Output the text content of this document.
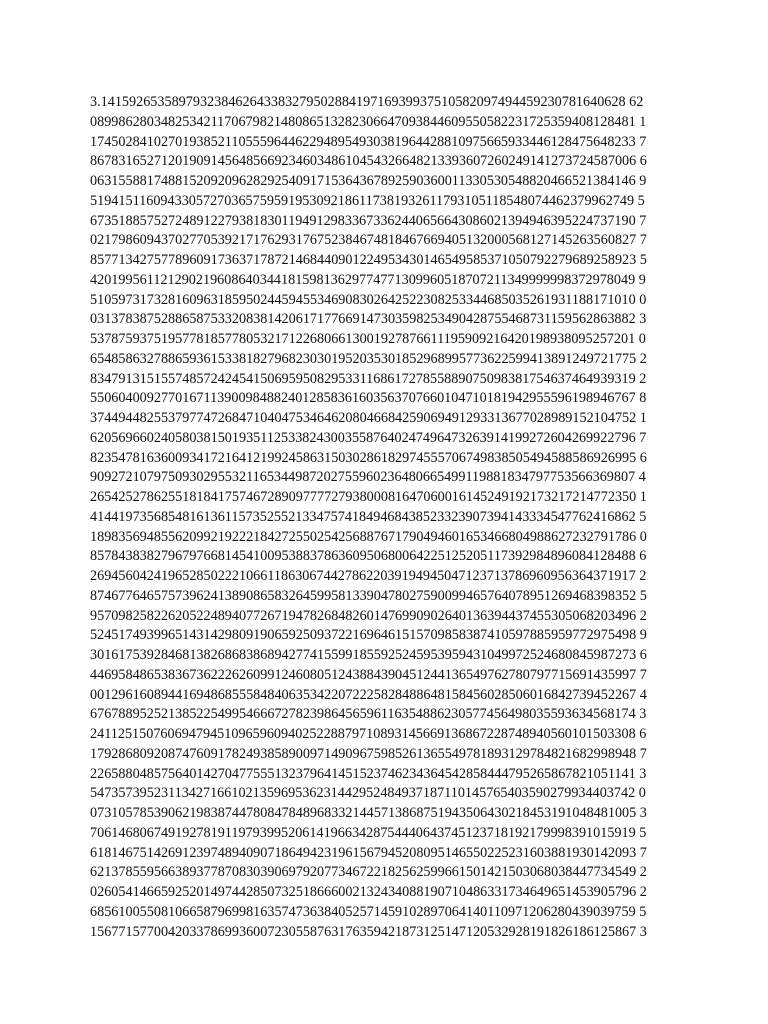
3.14159265358979323846264338327950288419716939937510582097494459230781640628 62
08998628034825342117067982148086513282306647093844609550582231725359408128481 1
17450284102701938521105559644622948954930381964428810975665933446128475648233 7
86783165271201909145648566923460348610454326648213393607260249141273724587006 6
06315588174881520920962829254091715364367892590360011330530548820466521384146 9
51941511609433057270365759591953092186117381932611793105118548074462379962749 5
67351885752724891227938183011949129833673362440656643086021394946395224737190 7
02179860943702770539217176293176752384674818467669405132000568127145263560827 7
85771342757789609173637178721468440901224953430146549585371050792279689258923 5
42019956112129021960864034418159813629774771309960518707211349999998372978049 9
51059731732816096318595024459455346908302642522308253344685035261931188171010 0
03137838752886587533208381420617177669147303598253490428755468731159562863882 3
53787593751957781857780532171226806613001927876611195909216420198938095257201 0
65485863278865936153381827968230301952035301852968995773622599413891249721775 2
83479131515574857242454150695950829533116861727855889075098381754637464939319 2
55060400927701671139009848824012858361603563707660104710181942955596198946767 8
37449448255379774726847104047534646208046684259069491293313677028989152104752 1
62056966024058038150193511253382430035587640247496473263914199272604269922796 7
82354781636009341721641219924586315030286182974555706749838505494588586926995 6
90927210797509302955321165344987202755960236480665499119881834797753566369807 4
26542527862551818417574672890977772793800081647060016145249192173217214772350 1
41441973568548161361157352552133475741849468438523323907394143334547762416862 5
18983569485562099219222184272550254256887671790494601653466804988627232791786 0
85784383827967976681454100953883786360950680064225125205117392984896084128488 6
26945604241965285022210661186306744278622039194945047123713786960956364371917 2
87467764657573962413890865832645995813390478027590099465764078951269468398352 5
95709825822620522489407726719478268482601476990902640136394437455305068203496 2
52451749399651431429809190659250937221696461515709858387410597885959772975498 9
30161753928468138268683868942774155991855925245953959431049972524680845987273 6
44695848653836736222626099124608051243884390451244136549762780797715691435997 7
00129616089441694868555848406353422072225828488648158456028506016842739452267 4
67678895252138522549954666727823986456596116354886230577456498035593634568174 3
24112515076069479451096596094025228879710893145669136867228748940560101503308 6
17928680920874760917824938589009714909675985261365549781893129784821682998948 7
22658804857564014270477555132379641451523746234364542858444795265867821051141 3
54735739523113427166102135969536231442952484937187110145765403590279934403742 0
07310578539062198387447808478489683321445713868751943506430218453191048481005 3
70614680674919278191197939952061419663428754440643745123718192179998391015919 5
61814675142691239748940907186494231961567945208095146550225231603881930142093 7
62137855956638937787083039069792077346722182562599661501421503068038447734549 2
02605414665925201497442850732518666002132434088190710486331734649651453905796 2
68561005508106658796998163574736384052571459102897064140110971206280439039759 5
15677157700420337869936007230558763176359421873125147120532928191826186125867 3
